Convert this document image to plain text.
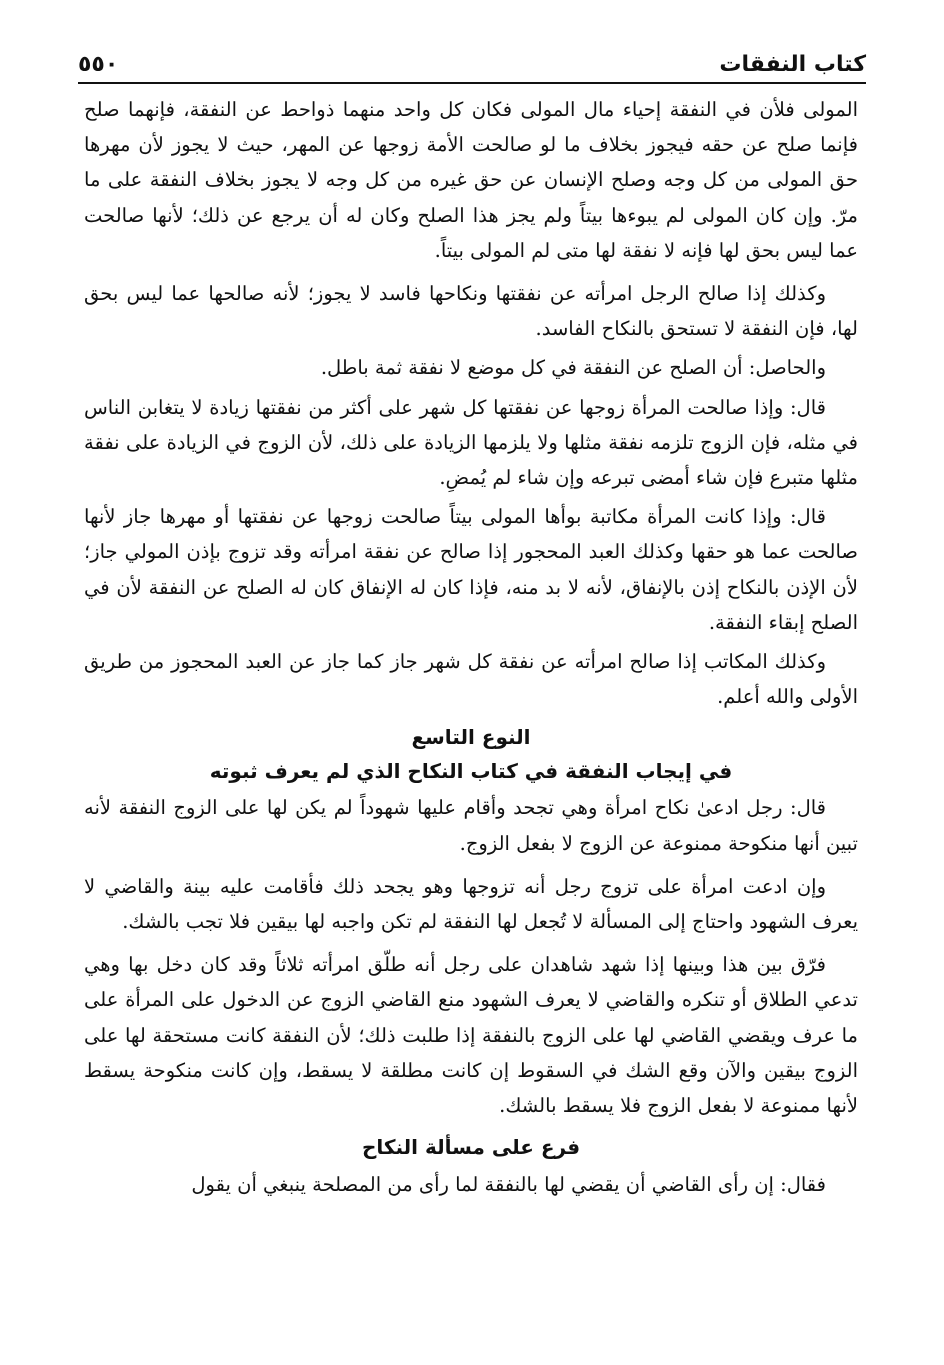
كتاب النفقات
٥٥٠

المولى فلأن في النفقة إحياء مال المولى فكان كل واحد منهما ذواحط عن النفقة، فإنهما صلح فإنما صلح عن حقه فيجوز بخلاف ما لو صالحت الأمة زوجها عن المهر، حيث لا يجوز لأن مهرها حق المولى من كل وجه وصلح الإنسان عن حق غيره من كل وجه لا يجوز بخلاف النفقة على ما مرّ. وإن كان المولى لم يبوءها بيتاً ولم يجز هذا الصلح وكان له أن يرجع عن ذلك؛ لأنها صالحت عما ليس بحق لها فإنه لا نفقة لها متى لم المولى بيتاً.

وكذلك إذا صالح الرجل امرأته عن نفقتها ونكاحها فاسد لا يجوز؛ لأنه صالحها عما ليس بحق لها، فإن النفقة لا تستحق بالنكاح الفاسد.

والحاصل: أن الصلح عن النفقة في كل موضع لا نفقة ثمة باطل.

قال: وإذا صالحت المرأة زوجها عن نفقتها كل شهر على أكثر من نفقتها زيادة لا يتغابن الناس في مثله، فإن الزوج تلزمه نفقة مثلها ولا يلزمها الزيادة على ذلك، لأن الزوج في الزيادة على نفقة مثلها متبرع فإن شاء أمضى تبرعه وإن شاء لم يُمضِ.

قال: وإذا كانت المرأة مكاتبة بوأها المولى بيتاً صالحت زوجها عن نفقتها أو مهرها جاز لأنها صالحت عما هو حقها وكذلك العبد المحجور إذا صالح عن نفقة امرأته وقد تزوج بإذن المولي جاز؛ لأن الإذن بالنكاح إذن بالإنفاق، لأنه لا بد منه، فإذا كان له الإنفاق كان له الصلح عن النفقة لأن في الصلح إبقاء النفقة.

وكذلك المكاتب إذا صالح امرأته عن نفقة كل شهر جاز كما جاز عن العبد المحجوز من طريق الأولى والله أعلم.

النوع التاسع
في إيجاب النفقة في كتاب النكاح الذي لم يعرف ثبوته

قال: رجل ادعىٰ نكاح امرأة وهي تجحد وأقام عليها شهوداً لم يكن لها على الزوج النفقة لأنه تبين أنها منكوحة ممنوعة عن الزوج لا بفعل الزوج.

وإن ادعت امرأة على تزوج رجل أنه تزوجها وهو يجحد ذلك فأقامت عليه بينة والقاضي لا يعرف الشهود واحتاج إلى المسألة لا تُجعل لها النفقة لم تكن واجبه لها بيقين فلا تجب بالشك.

فرّق بين هذا وبينها إذا شهد شاهدان على رجل أنه طلّق امرأته ثلاثاً وقد كان دخل بها وهي تدعي الطلاق أو تنكره والقاضي لا يعرف الشهود منع القاضي الزوج عن الدخول على المرأة على ما عرف ويقضي القاضي لها على الزوج بالنفقة إذا طلبت ذلك؛ لأن النفقة كانت مستحقة لها على الزوج بيقين والآن وقع الشك في السقوط إن كانت مطلقة لا يسقط، وإن كانت منكوحة يسقط لأنها ممنوعة لا بفعل الزوج فلا يسقط بالشك.

فرع على مسألة النكاح

فقال: إن رأى القاضي أن يقضي لها بالنفقة لما رأى من المصلحة ينبغي أن يقول
